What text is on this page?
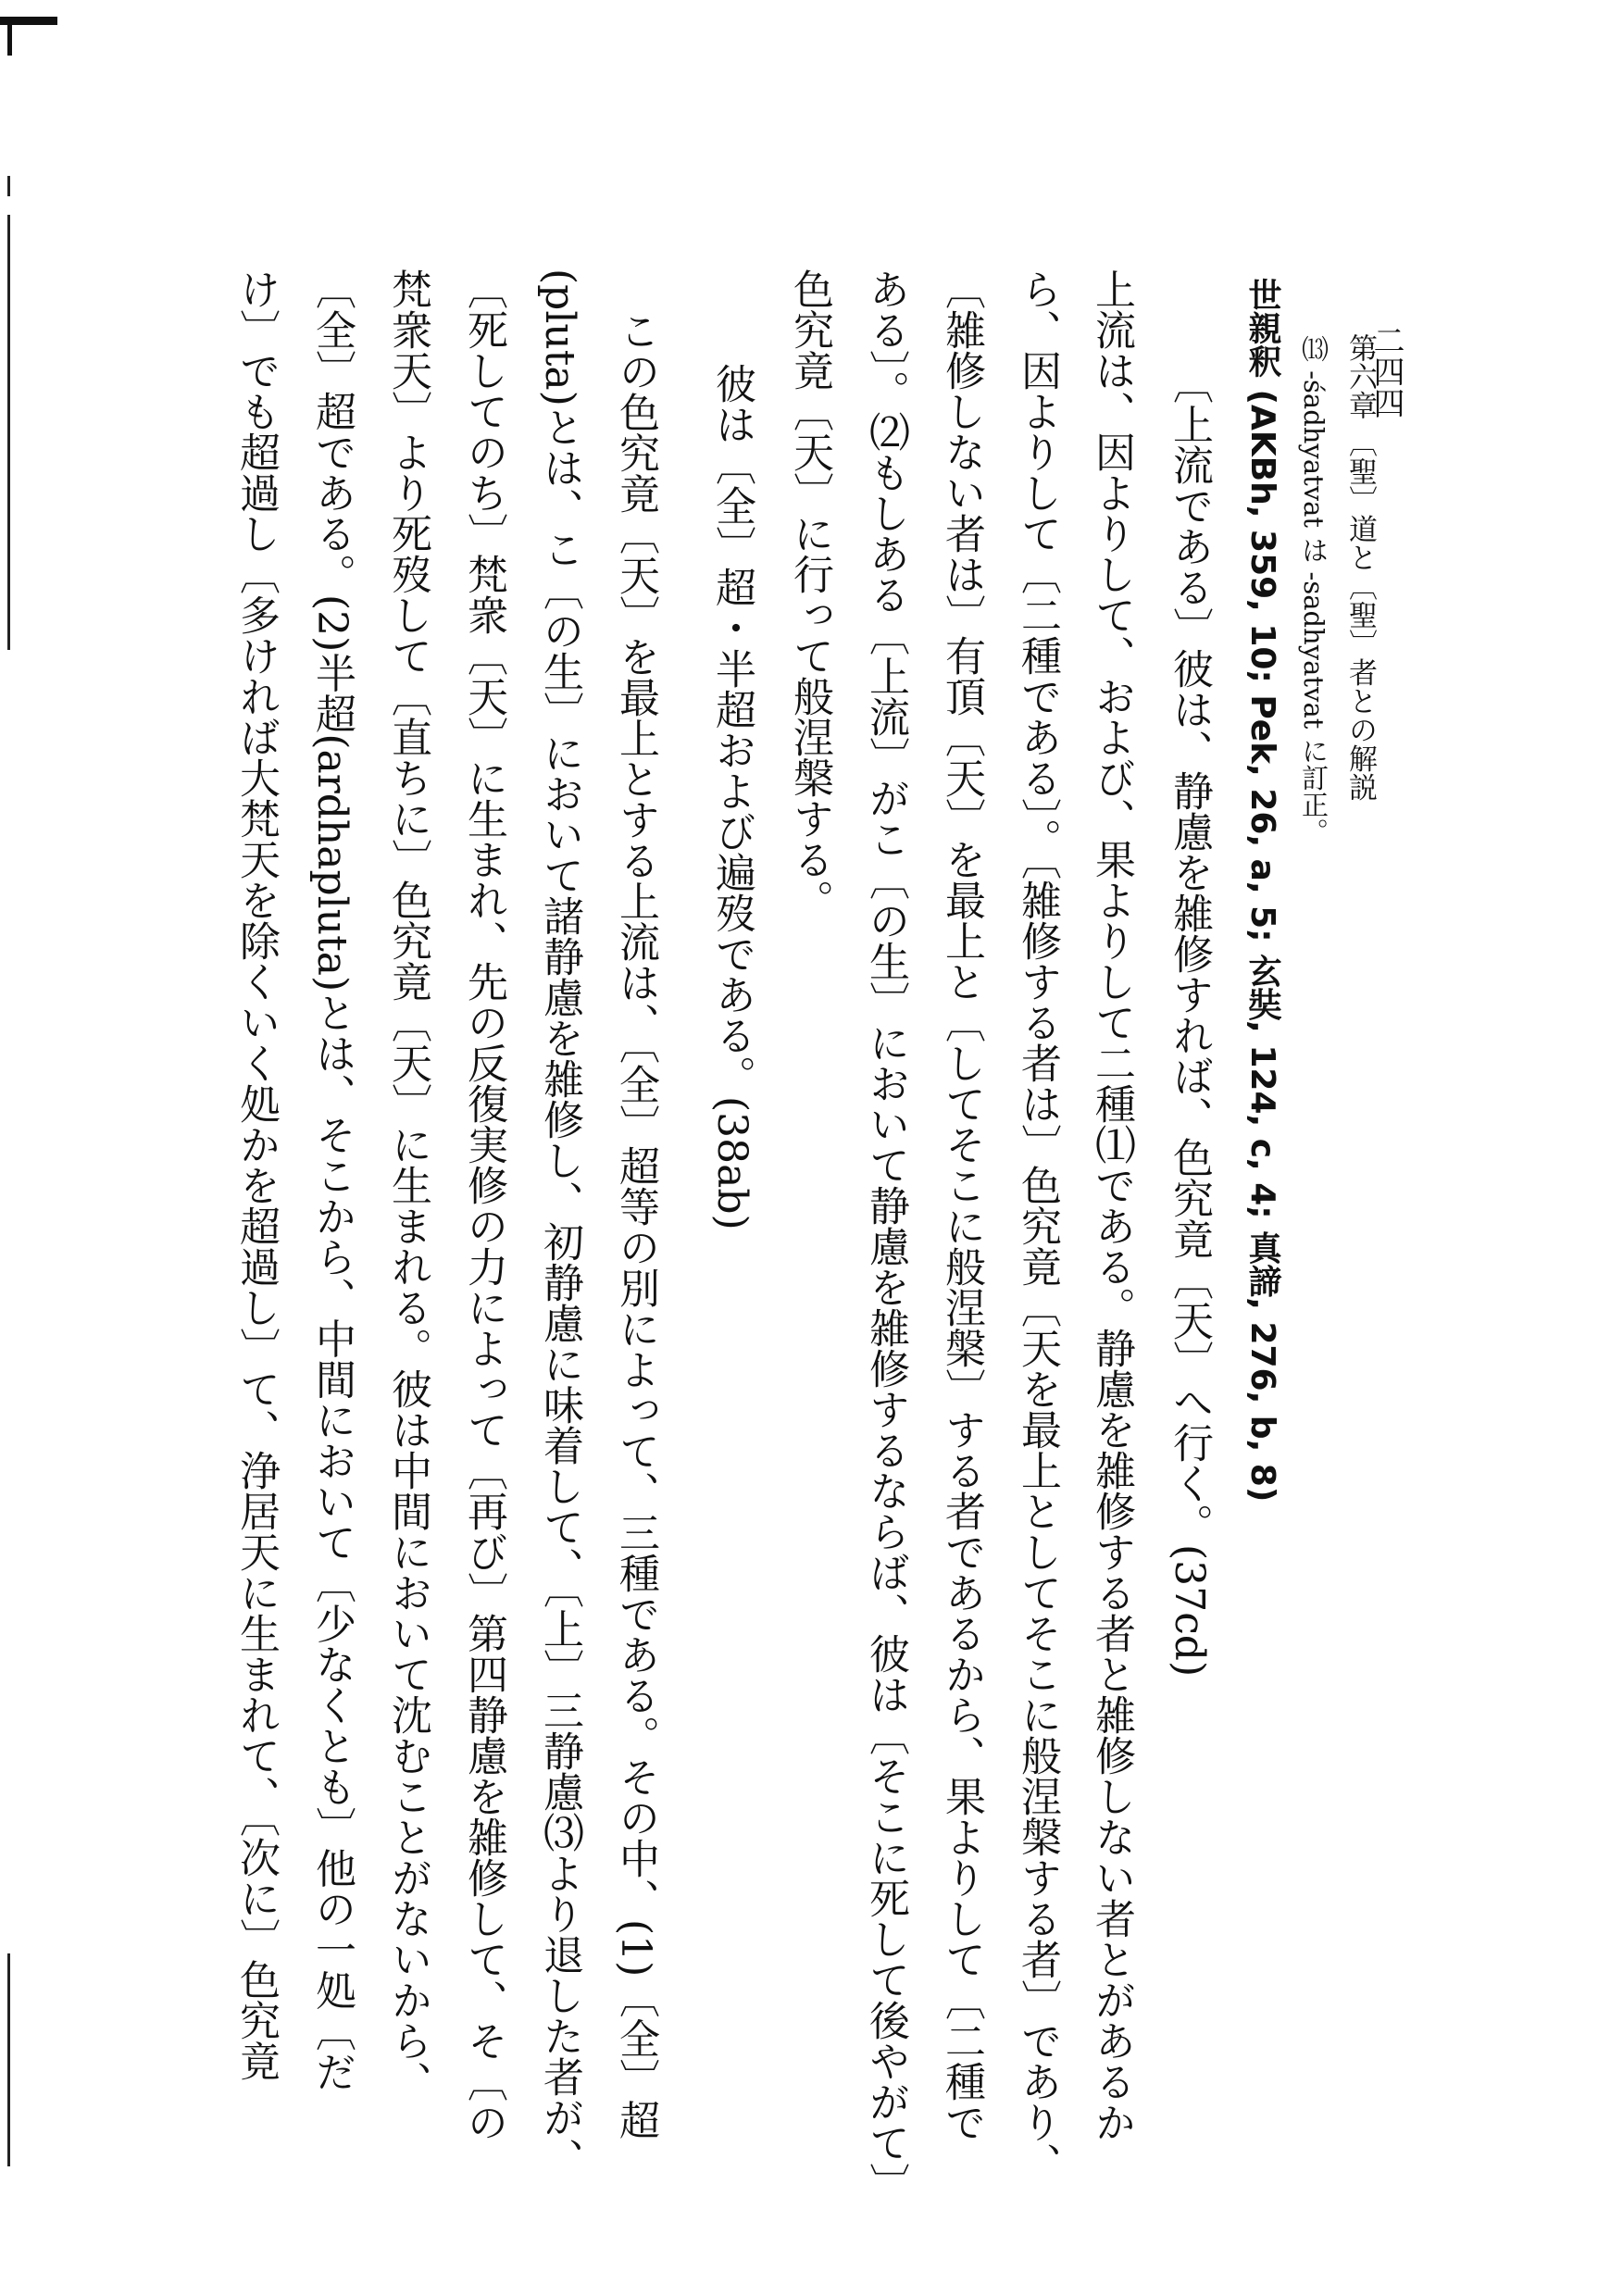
二四四
第六章 〔聖〕道と〔聖〕者との解説
⒀ -śadhyatvat は -sadhyatvat に訂正。
世親釈 (AKBh, 359, 10; Pek, 26, a, 5; 玄奘, 124, c, 4; 真諦, 276, b, 8)
〔上流である〕彼は、静慮を雑修すれば、色究竟〔天〕へ行く。(37cd)
上流は、因よりして、および、果よりして二種⑴である。静慮を雑修する者と雑修しない者とがあるか
ら、因よりして〔二種である〕。〔雑修する者は〕色究竟〔天を最上としてそこに般涅槃する者〕であり、
〔雑修しない者は〕有頂〔天〕を最上と〔してそこに般涅槃〕する者であるから、果よりして〔二種で
ある〕。⑵もしある〔上流〕がこ〔の生〕において静慮を雑修するならば、彼は〔そこに死して後やがて〕
色究竟〔天〕に行って般涅槃する。
彼は〔全〕超・半超および遍歿である。(38ab)
この色究竟〔天〕を最上とする上流は、〔全〕超等の別によって、三種である。その中、(1)〔全〕超
(pluta)とは、こ〔の生〕において諸静慮を雑修し、初静慮に味着して、〔上〕三静慮⑶より退した者が、
〔死してのち〕梵衆〔天〕に生まれ、先の反復実修の力によって〔再び〕第四静慮を雑修して、そ〔の
梵衆天〕より死歿して〔直ちに〕色究竟〔天〕に生まれる。彼は中間において沈むことがないから、
〔全〕超である。(2)半超(ardhapluta)とは、そこから、中間において〔少なくとも〕他の一処〔だ
け〕でも超過し〔多ければ大梵天を除くいく処かを超過し〕て、浄居天に生まれて、〔次に〕色究竟
